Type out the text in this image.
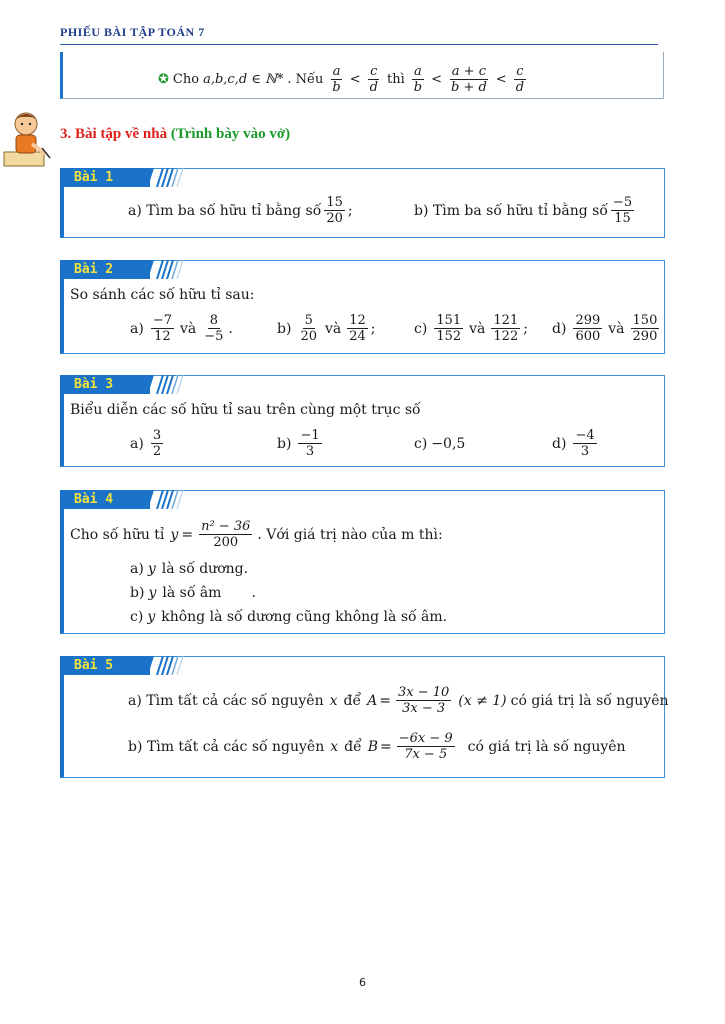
PHIẾU BÀI TẬP TOÁN 7
✪ Cho a,b,c,d ∈ ℕ* . Nếu $\frac{a}{b} < \frac{c}{d}$ thì $\frac{a}{b} < \frac{a + c}{b + d} < \frac{c}{d}$
3. Bài tập về nhà (Trình bày vào vở)
Bài 1
a) Tìm ba số hữu tỉ bằng số $\frac{15}{20}$ ;	b) Tìm ba số hữu tỉ bằng số $\frac{-5}{15}$
Bài 2
So sánh các số hữu tỉ sau:
$a) \frac{-7}{12}$ và $\frac{8}{-5}$ .	$b) \frac{5}{20}$ và $\frac{12}{24}$ ;	$c) \frac{151}{152}$ và $\frac{121}{122}$ ; $d) \frac{299}{600}$ và $\frac{150}{290}$
Bài 3
Biểu diễn các số hữu tỉ sau trên cùng một trục số
$a) \frac{3}{2}$	$b) \frac{-1}{3}$	c) −0,5	$d) \frac{-4}{3}$
Bài 4
Cho số hữu tỉ $y = \frac{\text{n² − 36}}{200}$ . Với giá trị nào của m thì:
a) y là số dương.
b) y là số âm .
c) y không là số dương cũng không là số âm.
Bài 5
a) Tìm tất cả các số nguyên x để $A = \frac{3x - 10}{3x - 3} (x \ne 1)$ có giá trị là số nguyên
b) Tìm tất cả các số nguyên x để $B = \frac{-6x - 9}{7x - 5}$ có giá trị là số nguyên
6
